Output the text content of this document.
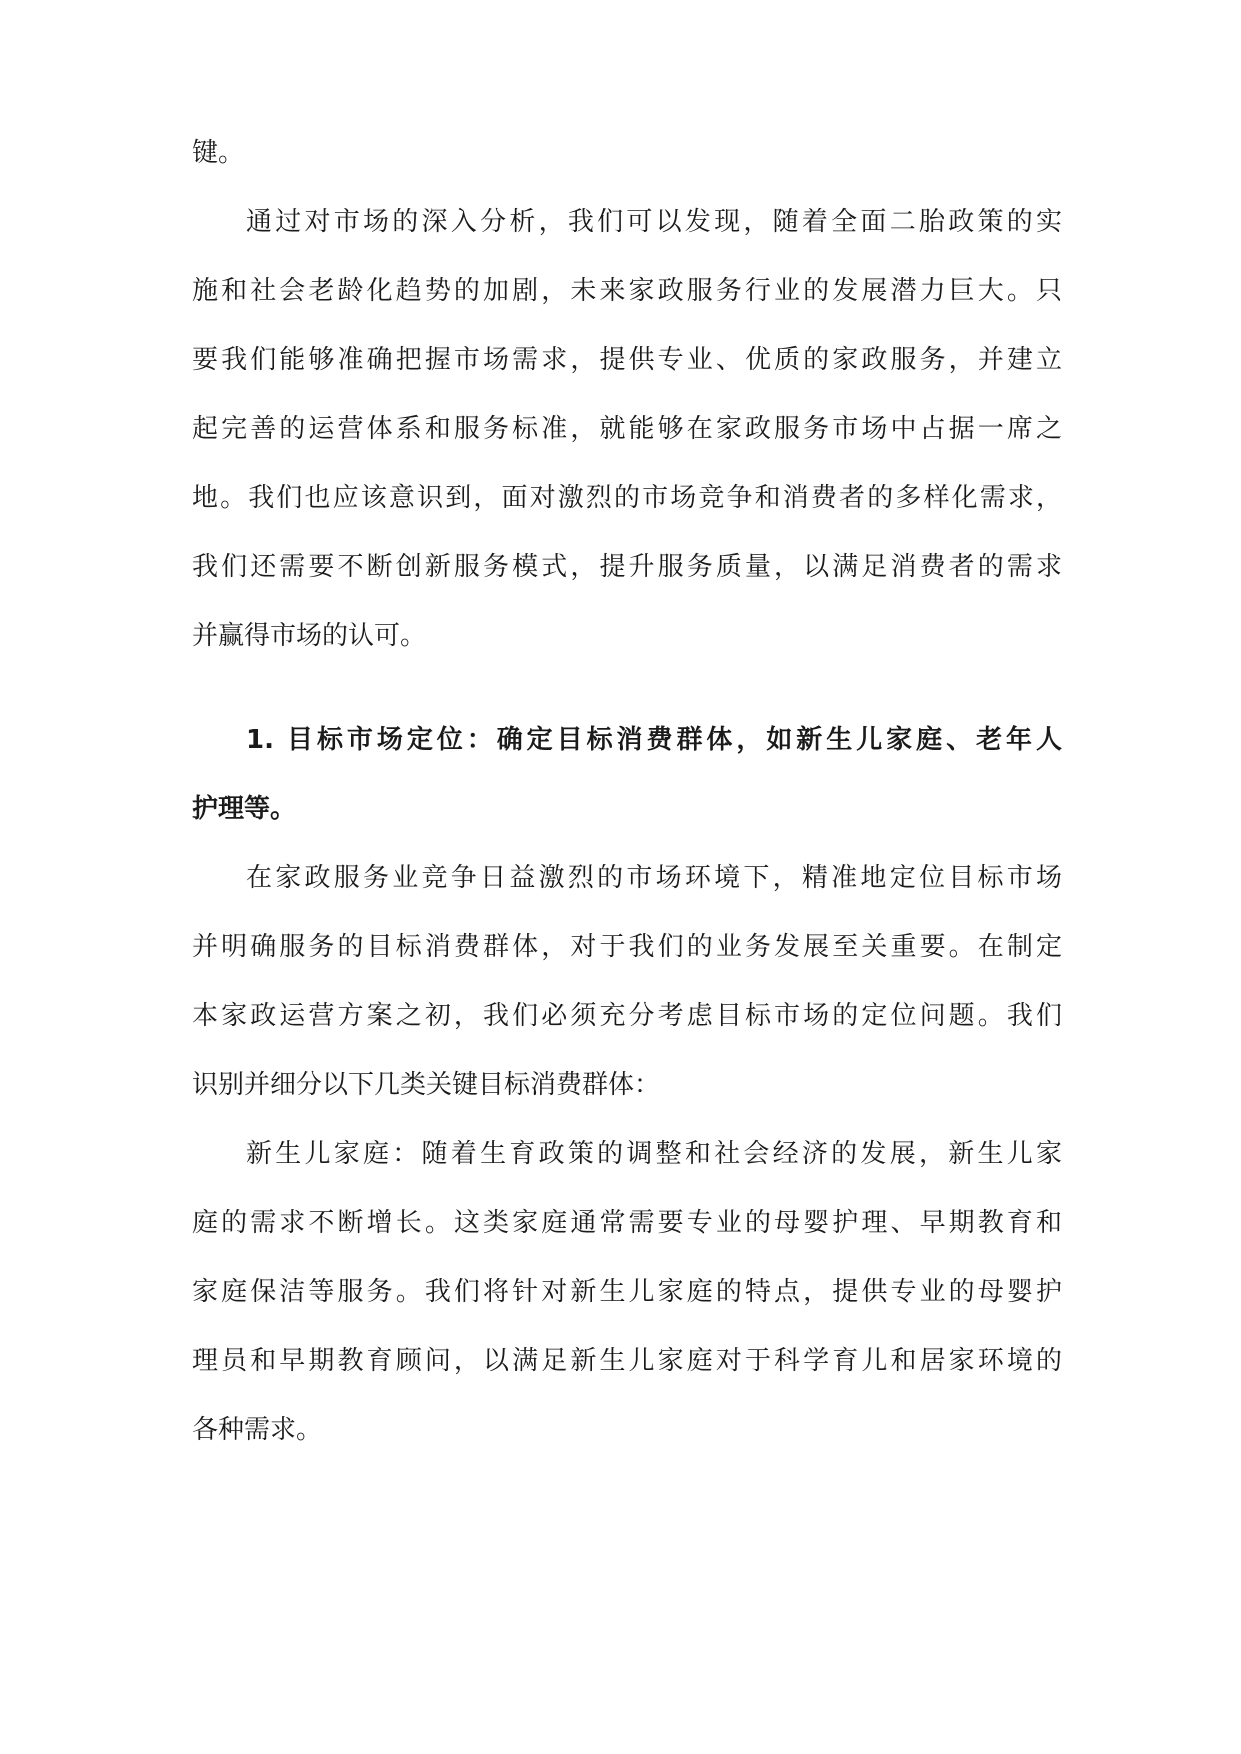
键。
通过对市场的深入分析，我们可以发现，随着全面二胎政策的实
施和社会老龄化趋势的加剧，未来家政服务行业的发展潜力巨大。只
要我们能够准确把握市场需求，提供专业、优质的家政服务，并建立
起完善的运营体系和服务标准，就能够在家政服务市场中占据一席之
地。我们也应该意识到，面对激烈的市场竞争和消费者的多样化需求，
我们还需要不断创新服务模式，提升服务质量，以满足消费者的需求
并赢得市场的认可。
1. 目标市场定位：确定目标消费群体，如新生儿家庭、老年人
护理等。
在家政服务业竞争日益激烈的市场环境下，精准地定位目标市场
并明确服务的目标消费群体，对于我们的业务发展至关重要。在制定
本家政运营方案之初，我们必须充分考虑目标市场的定位问题。我们
识别并细分以下几类关键目标消费群体：
新生儿家庭：随着生育政策的调整和社会经济的发展，新生儿家
庭的需求不断增长。这类家庭通常需要专业的母婴护理、早期教育和
家庭保洁等服务。我们将针对新生儿家庭的特点，提供专业的母婴护
理员和早期教育顾问，以满足新生儿家庭对于科学育儿和居家环境的
各种需求。
